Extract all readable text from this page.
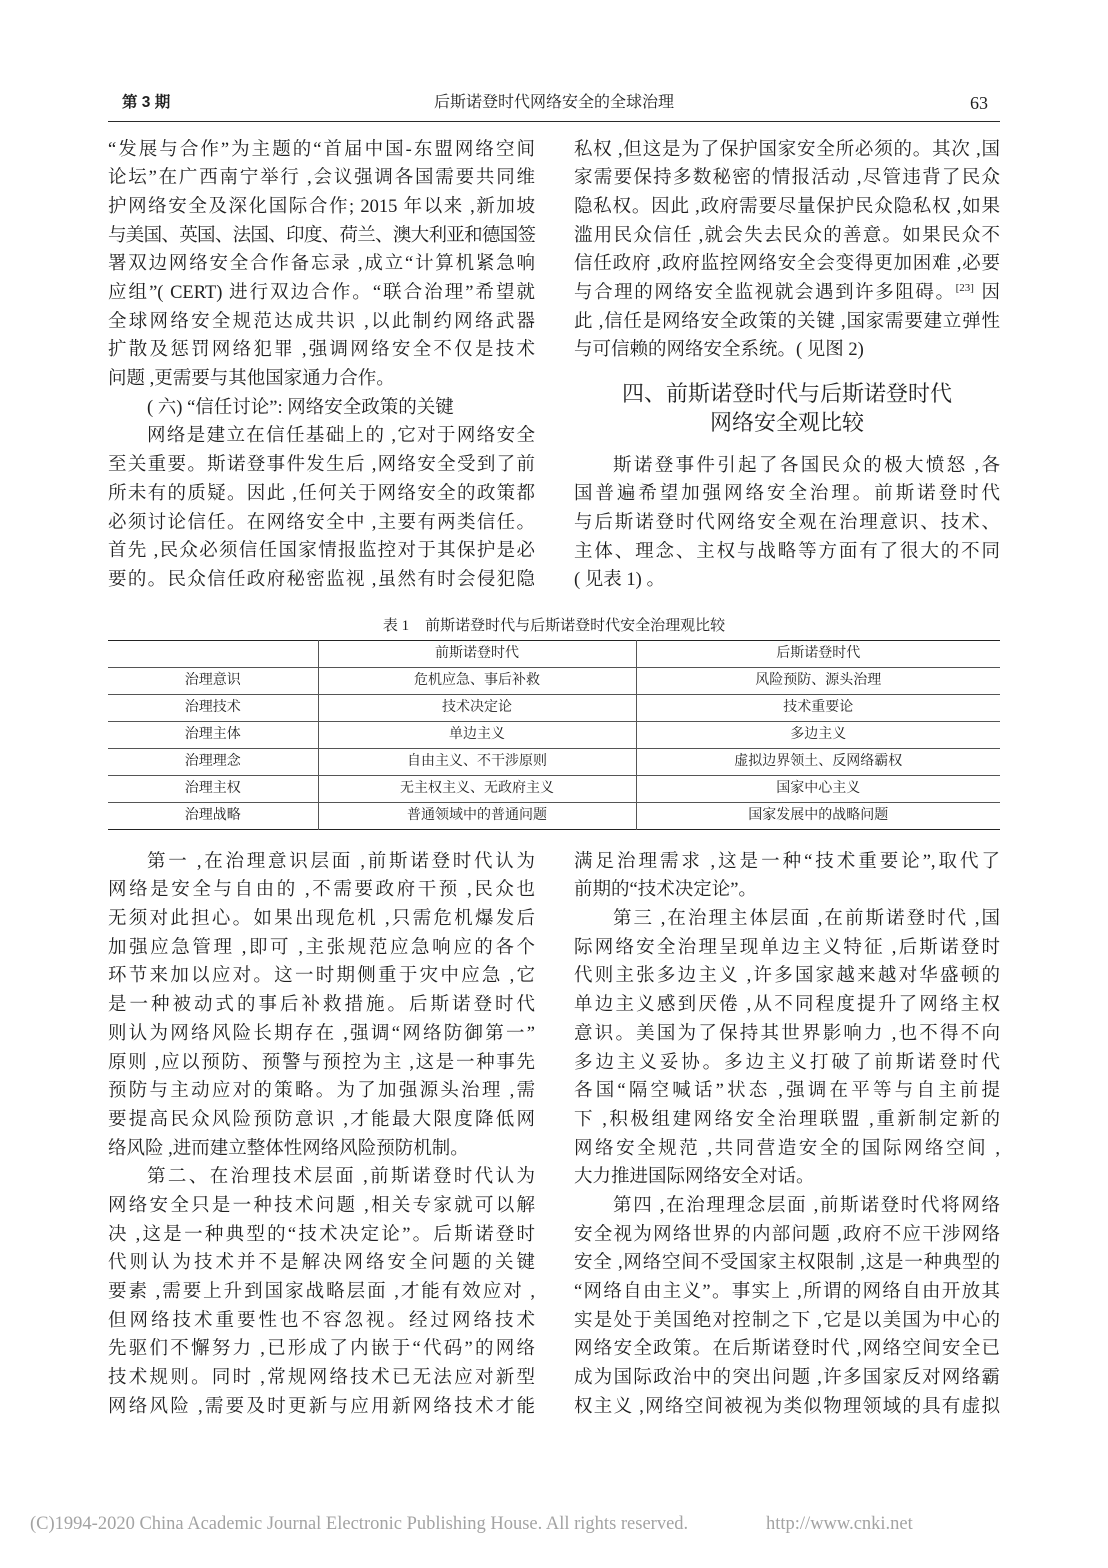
第 3 期	后斯诺登时代网络安全的全球治理	63
“发展与合作”为主题的“首届中国-东盟网络空间
论坛”在广西南宁举行 ,会议强调各国需要共同维
护网络安全及深化国际合作; 2015 年以来 ,新加坡
与美国、英国、法国、印度、荷兰、澳大利亚和德国签
署双边网络安全合作备忘录 ,成立“计算机紧急响
应组”( CERT) 进行双边合作。“联合治理”希望就
全球网络安全规范达成共识 ,以此制约网络武器
扩散及惩罚网络犯罪 ,强调网络安全不仅是技术
问题 ,更需要与其他国家通力合作。
( 六) “信任讨论”: 网络安全政策的关键
网络是建立在信任基础上的 ,它对于网络安全
至关重要。斯诺登事件发生后 ,网络安全受到了前
所未有的质疑。因此 ,任何关于网络安全的政策都
必须讨论信任。在网络安全中 ,主要有两类信任。
首先 ,民众必须信任国家情报监控对于其保护是必
要的。民众信任政府秘密监视 ,虽然有时会侵犯隐
私权 ,但这是为了保护国家安全所必须的。其次 ,国
家需要保持多数秘密的情报活动 ,尽管违背了民众
隐私权。因此 ,政府需要尽量保护民众隐私权 ,如果
滥用民众信任 ,就会失去民众的善意。如果民众不
信任政府 ,政府监控网络安全会变得更加困难 ,必要
与合理的网络安全监视就会遇到许多阻碍。[23] 因
此 ,信任是网络安全政策的关键 ,国家需要建立弹性
与可信赖的网络安全系统。( 见图 2)
四、前斯诺登时代与后斯诺登时代
网络安全观比较
斯诺登事件引起了各国民众的极大愤怒 ,各
国普遍希望加强网络安全治理。前斯诺登时代
与后斯诺登时代网络安全观在治理意识、技术、
主体、理念、主权与战略等方面有了很大的不同
( 见表 1) 。
表 1 前斯诺登时代与后斯诺登时代安全治理观比较
	前斯诺登时代	后斯诺登时代
治理意识	危机应急、事后补救	风险预防、源头治理
治理技术	技术决定论	技术重要论
治理主体	单边主义	多边主义
治理理念	自由主义、不干涉原则	虚拟边界领土、反网络霸权
治理主权	无主权主义、无政府主义	国家中心主义
治理战略	普通领域中的普通问题	国家发展中的战略问题
第一 ,在治理意识层面 ,前斯诺登时代认为
网络是安全与自由的 ,不需要政府干预 ,民众也
无须对此担心。如果出现危机 ,只需危机爆发后
加强应急管理 ,即可 ,主张规范应急响应的各个
环节来加以应对。这一时期侧重于灾中应急 ,它
是一种被动式的事后补救措施。后斯诺登时代
则认为网络风险长期存在 ,强调“网络防御第一”
原则 ,应以预防、预警与预控为主 ,这是一种事先
预防与主动应对的策略。为了加强源头治理 ,需
要提高民众风险预防意识 ,才能最大限度降低网
络风险 ,进而建立整体性网络风险预防机制。
第二、在治理技术层面 ,前斯诺登时代认为
网络安全只是一种技术问题 ,相关专家就可以解
决 ,这是一种典型的“技术决定论”。后斯诺登时
代则认为技术并不是解决网络安全问题的关键
要素 ,需要上升到国家战略层面 ,才能有效应对 ,
但网络技术重要性也不容忽视。经过网络技术
先驱们不懈努力 ,已形成了内嵌于“代码”的网络
技术规则。同时 ,常规网络技术已无法应对新型
网络风险 ,需要及时更新与应用新网络技术才能
满足治理需求 ,这是一种“技术重要论”,取代了
前期的“技术决定论”。
第三 ,在治理主体层面 ,在前斯诺登时代 ,国
际网络安全治理呈现单边主义特征 ,后斯诺登时
代则主张多边主义 ,许多国家越来越对华盛顿的
单边主义感到厌倦 ,从不同程度提升了网络主权
意识。美国为了保持其世界影响力 ,也不得不向
多边主义妥协。多边主义打破了前斯诺登时代
各国“隔空喊话”状态 ,强调在平等与自主前提
下 ,积极组建网络安全治理联盟 ,重新制定新的
网络安全规范 ,共同营造安全的国际网络空间 ,
大力推进国际网络安全对话。
第四 ,在治理理念层面 ,前斯诺登时代将网络
安全视为网络世界的内部问题 ,政府不应干涉网络
安全 ,网络空间不受国家主权限制 ,这是一种典型的
“网络自由主义”。事实上 ,所谓的网络自由开放其
实是处于美国绝对控制之下 ,它是以美国为中心的
网络安全政策。在后斯诺登时代 ,网络空间安全已
成为国际政治中的突出问题 ,许多国家反对网络霸
权主义 ,网络空间被视为类似物理领域的具有虚拟
(C)1994-2020 China Academic Journal Electronic Publishing House. All rights reserved.	http://www.cnki.net
